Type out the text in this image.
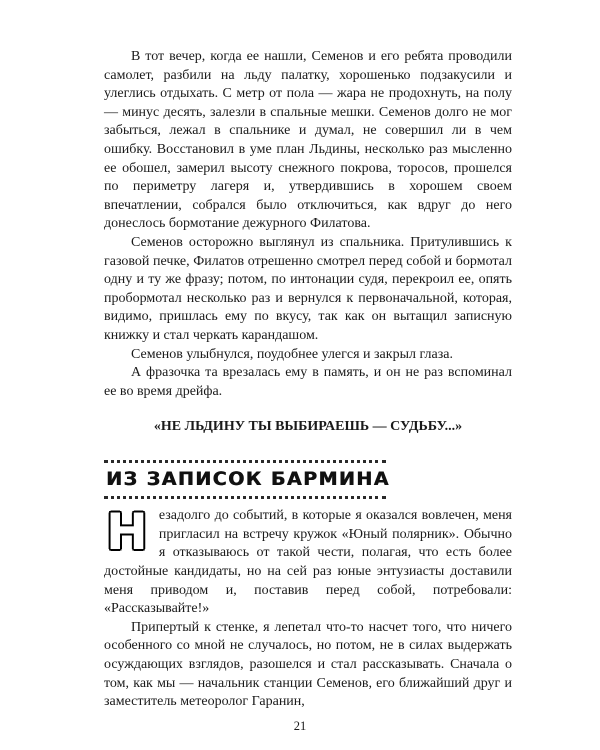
В тот вечер, когда ее нашли, Семенов и его ребята проводили самолет, разбили на льду палатку, хорошенько подзакусили и улеглись отдыхать. С метр от пола — жара не продохнуть, на полу — минус десять, залезли в спальные мешки. Семенов долго не мог забыться, лежал в спальнике и думал, не совершил ли в чем ошибку. Восстановил в уме план Льдины, несколько раз мысленно ее обошел, замерил высоту снежного покрова, торосов, прошелся по периметру лагеря и, утвердившись в хорошем своем впечатлении, собрался было отключиться, как вдруг до него донеслось бормотание дежурного Филатова.

Семенов осторожно выглянул из спальника. Притулившись к газовой печке, Филатов отрешенно смотрел перед собой и бормотал одну и ту же фразу; потом, по интонации судя, перекроил ее, опять пробормотал несколько раз и вернулся к первоначальной, которая, видимо, пришлась ему по вкусу, так как он вытащил записную книжку и стал черкать карандашом.

Семенов улыбнулся, поудобнее улегся и закрыл глаза.

А фразочка та врезалась ему в память, и он не раз вспоминал ее во время дрейфа.

«НЕ ЛЬДИНУ ТЫ ВЫБИРАЕШЬ — СУДЬБУ...»

ИЗ ЗАПИСОК БАРМИНА

Незадолго до событий, в которые я оказался вовлечен, меня пригласил на встречу кружок «Юный полярник». Обычно я отказываюсь от такой чести, полагая, что есть более достойные кандидаты, но на сей раз юные энтузиасты доставили меня приводом и, поставив перед собой, потребовали: «Рассказывайте!»

Припертый к стенке, я лепетал что-то насчет того, что ничего особенного со мной не случалось, но потом, не в силах выдержать осуждающих взглядов, разошелся и стал рассказывать. Сначала о том, как мы — начальник станции Семенов, его ближайший друг и заместитель метеоролог Гаранин,

21
